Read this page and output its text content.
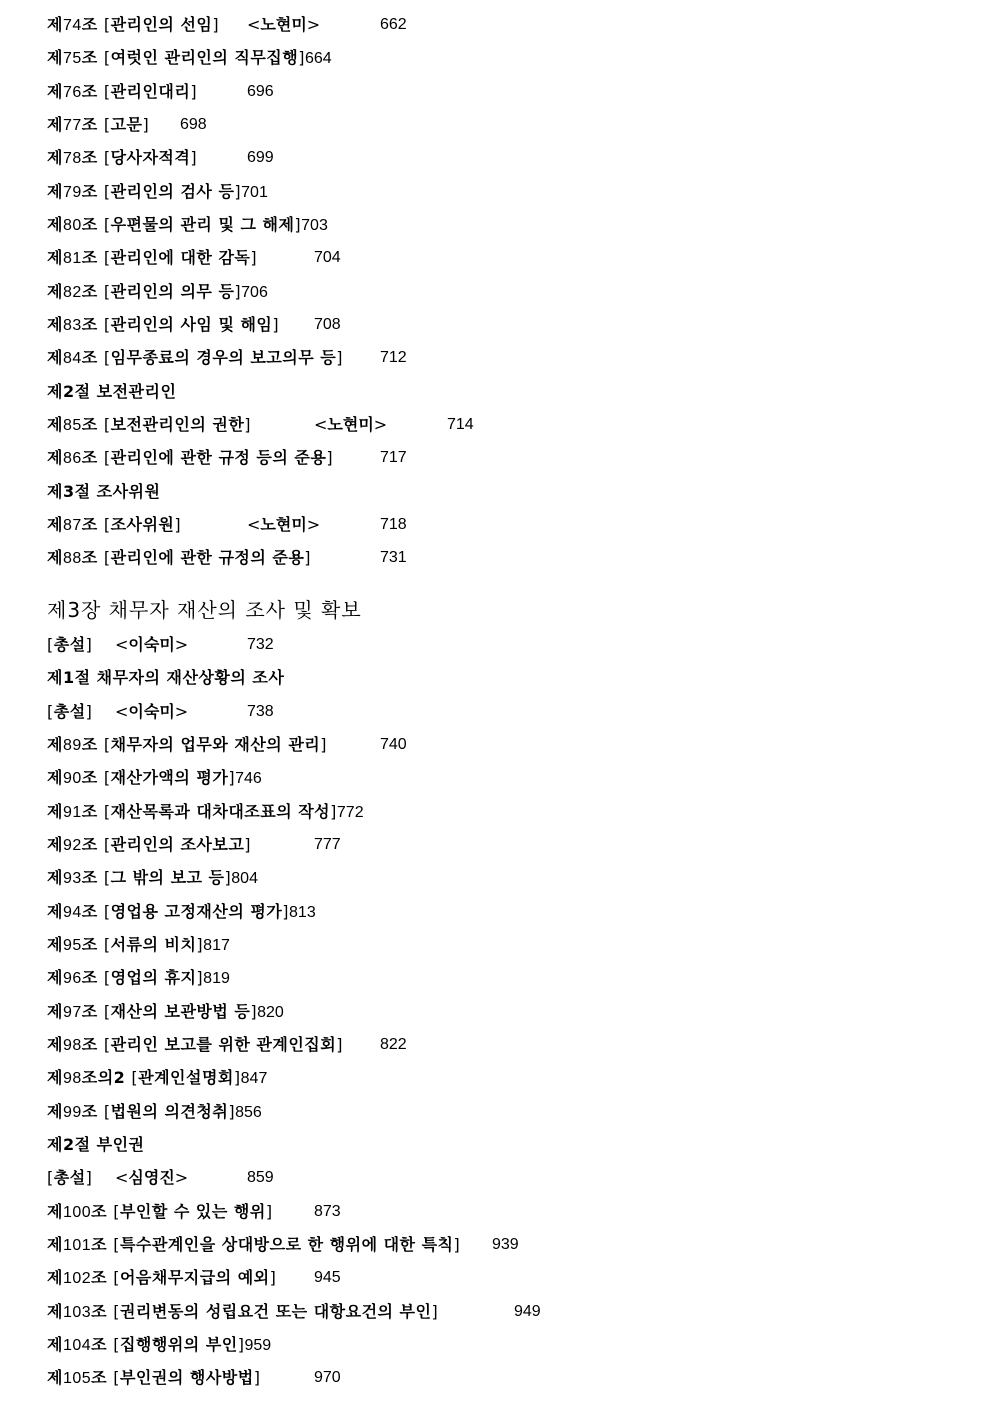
제74조 [관리인의 선임] <노현미>	662
제75조 [여럿인 관리인의 직무집행]664
제76조 [관리인대리]	696
제77조 [고문] 698
제78조 [당사자적격]	699
제79조 [관리인의 검사 등]701
제80조 [우편물의 관리 및 그 해제]703
제81조 [관리인에 대한 감독]	704
제82조 [관리인의 의무 등]706
제83조 [관리인의 사임 및 해임] 708
제84조 [임무종료의 경우의 보고의무 등] 712
제2절 보전관리인
제85조 [보전관리인의 권한]	<노현미>	714
제86조 [관리인에 관한 규정 등의 준용]	717
제3절 조사위원
제87조 [조사위원]	<노현미>	718
제88조 [관리인에 관한 규정의 준용]	731
제3장 채무자 재산의 조사 및 확보
[총설] <이숙미>	732
제1절 채무자의 재산상황의 조사
[총설] <이숙미>	738
제89조 [채무자의 업무와 재산의 관리]	740
제90조 [재산가액의 평가]746
제91조 [재산목록과 대차대조표의 작성]772
제92조 [관리인의 조사보고]	777
제93조 [그 밖의 보고 등]804
제94조 [영업용 고정재산의 평가]813
제95조 [서류의 비치]817
제96조 [영업의 휴지]819
제97조 [재산의 보관방법 등]820
제98조 [관리인 보고를 위한 관계인집회] 822
제98조의2 [관계인설명회]847
제99조 [법원의 의견청취]856
제2절 부인권
[총설] <심영진>	859
제100조 [부인할 수 있는 행위]	873
제101조 [특수관계인을 상대방으로 한 행위에 대한 특칙] 939
제102조 [어음채무지급의 예외] 945
제103조 [권리변동의 성립요건 또는 대항요건의 부인]	949
제104조 [집행행위의 부인]959
제105조 [부인권의 행사방법]	970
